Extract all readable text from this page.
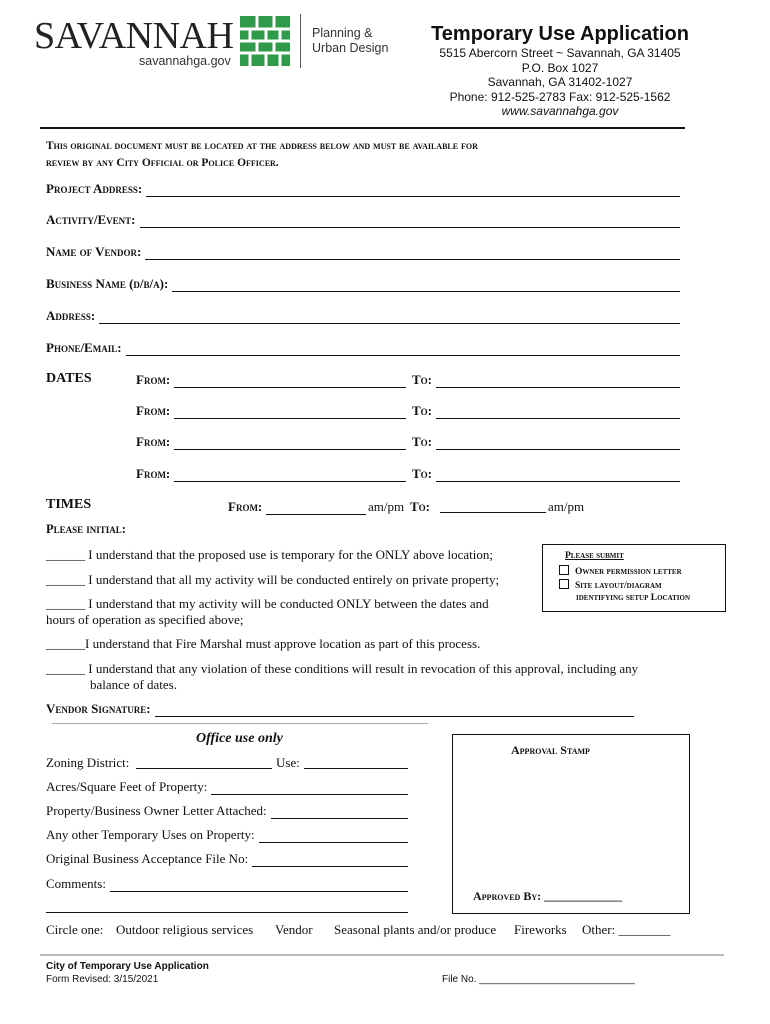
SAVANNAH
savannahga.gov
Planning &
Urban Design
Temporary Use Application
5515 Abercorn Street ~ Savannah, GA 31405
P.O. Box 1027
Savannah, GA 31402-1027
Phone: 912-525-2783 Fax: 912-525-1562
www.savannahga.gov
This original document must be located at the address below and must be available for
review by any City Official or Police Officer.
Project Address:
Activity/Event:
Name of Vendor:
Business Name (d/b/a):
Address:
Phone/Email:
DATES	From:	To:
From:	To:
From:	To:
From:	To:
TIMES	From:	am/pm To:	am/pm
Please initial:
______ I understand that the proposed use is temporary for the ONLY above location;
______ I understand that all my activity will be conducted entirely on private property;
______ I understand that my activity will be conducted ONLY between the dates and
hours of operation as specified above;
______I understand that Fire Marshal must approve location as part of this process.
______ I understand that any violation of these conditions will result in revocation of this approval, including any
balance of dates.
Please submit
Owner permission letter
Site layout/diagram
identifying setup Location
Vendor Signature:
Office use only
Zoning District:	Use:
Acres/Square Feet of Property:
Property/Business Owner Letter Attached:
Any other Temporary Uses on Property:
Original Business Acceptance File No:
Comments:
Approval Stamp
Approved By: _____________
Circle one: Outdoor religious services Vendor Seasonal plants and/or produce Fireworks Other: ________
City of Temporary Use Application
Form Revised: 3/15/2021	File No. ____________________________
